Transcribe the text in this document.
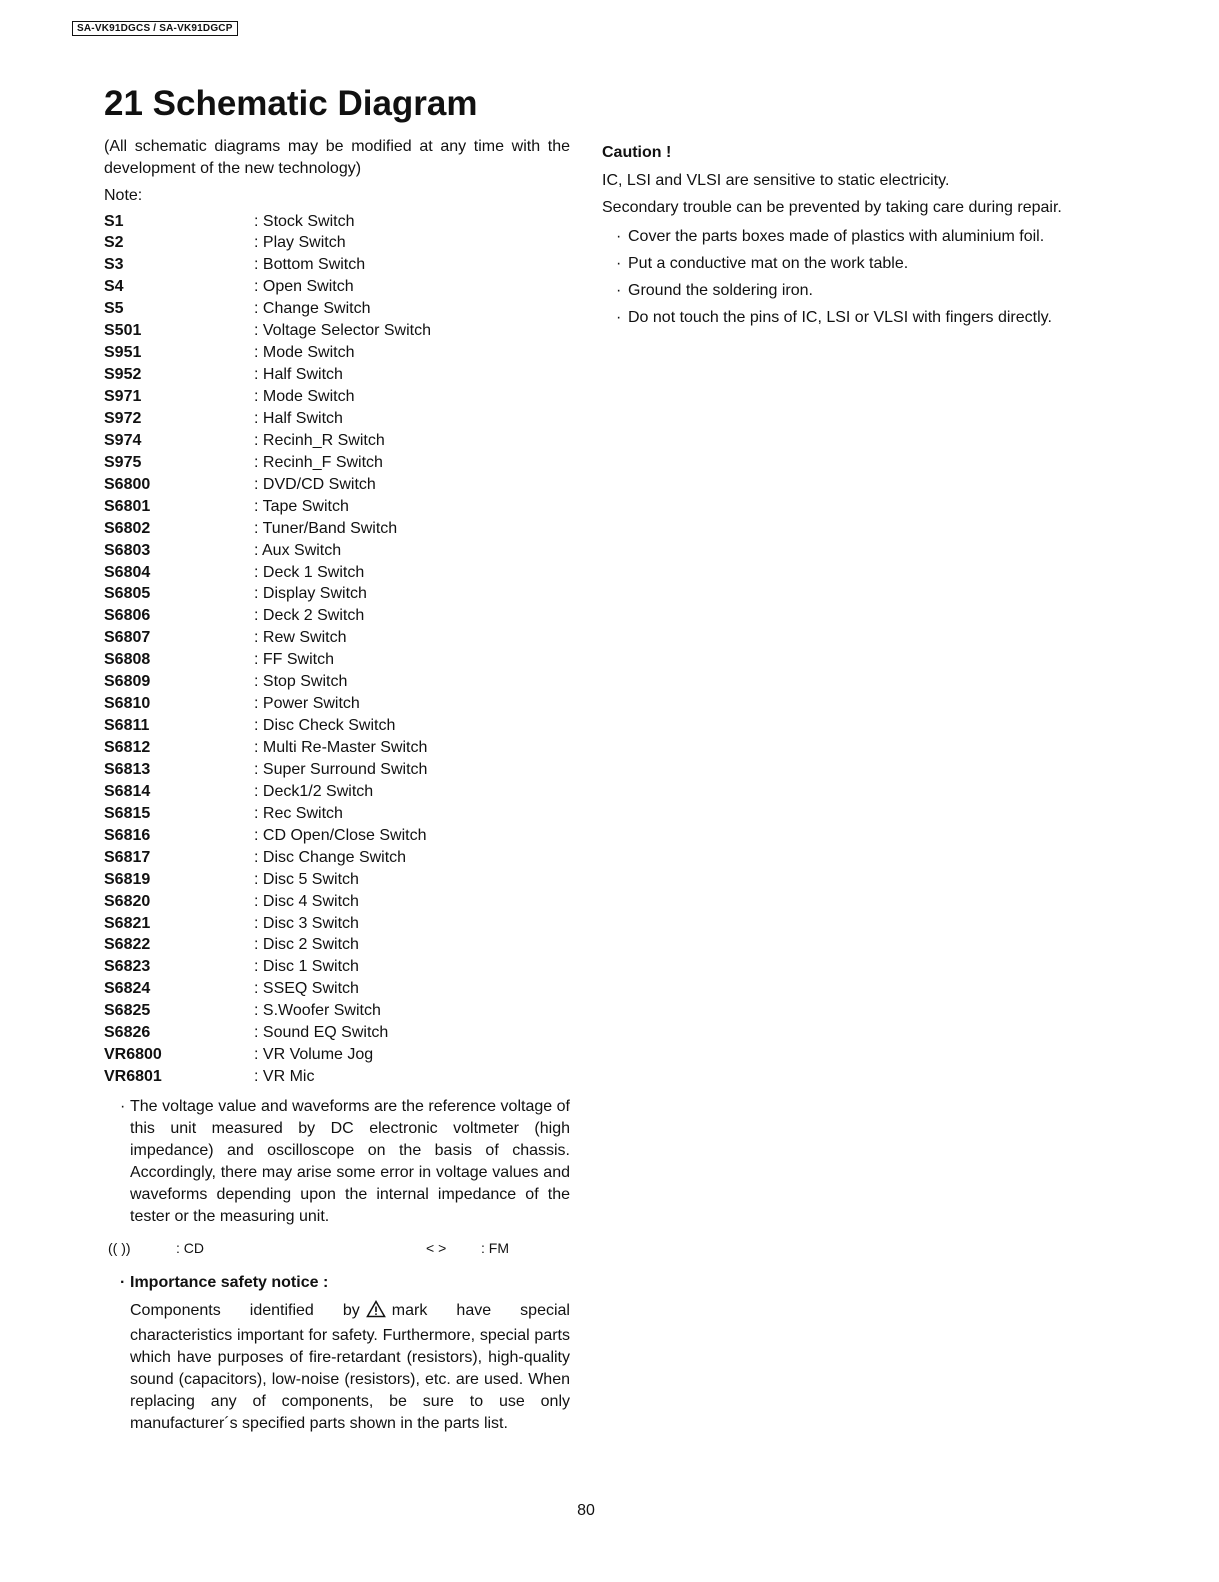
SA-VK91DGCS / SA-VK91DGCP
21 Schematic Diagram

(All schematic diagrams may be modified at any time with the development of the new technology)

Note:

S1	: Stock Switch
S2	: Play Switch
S3	: Bottom Switch
S4	: Open Switch
S5	: Change Switch
S501	: Voltage Selector Switch
S951	: Mode Switch
S952	: Half Switch
S971	: Mode Switch
S972	: Half Switch
S974	: Recinh_R Switch
S975	: Recinh_F Switch
S6800	: DVD/CD Switch
S6801	: Tape Switch
S6802	: Tuner/Band Switch
S6803	: Aux Switch
S6804	: Deck 1 Switch
S6805	: Display Switch
S6806	: Deck 2 Switch
S6807	: Rew Switch
S6808	: FF Switch
S6809	: Stop Switch
S6810	: Power Switch
S6811	: Disc Check Switch
S6812	: Multi Re-Master Switch
S6813	: Super Surround Switch
S6814	: Deck1/2 Switch
S6815	: Rec Switch
S6816	: CD Open/Close Switch
S6817	: Disc Change Switch
S6819	: Disc 5 Switch
S6820	: Disc 4 Switch
S6821	: Disc 3 Switch
S6822	: Disc 2 Switch
S6823	: Disc 1 Switch
S6824	: SSEQ Switch
S6825	: S.Woofer Switch
S6826	: Sound EQ Switch
VR6800	: VR Volume Jog
VR6801	: VR Mic

· The voltage value and waveforms are the reference voltage of this unit measured by DC electronic voltmeter (high impedance) and oscilloscope on the basis of chassis. Accordingly, there may arise some error in voltage values and waveforms depending upon the internal impedance of the tester or the measuring unit.

(( ))	: CD	< > : FM

· Importance safety notice :

Components identified by mark have special characteristics important for safety. Furthermore, special parts which have purposes of fire-retardant (resistors), high-quality sound (capacitors), low-noise (resistors), etc. are used. When replacing any of components, be sure to use only manufacturer´s specified parts shown in the parts list.

Caution !

IC, LSI and VLSI are sensitive to static electricity.

Secondary trouble can be prevented by taking care during repair.

· Cover the parts boxes made of plastics with aluminium foil.
· Put a conductive mat on the work table.
· Ground the soldering iron.
· Do not touch the pins of IC, LSI or VLSI with fingers directly.
80
